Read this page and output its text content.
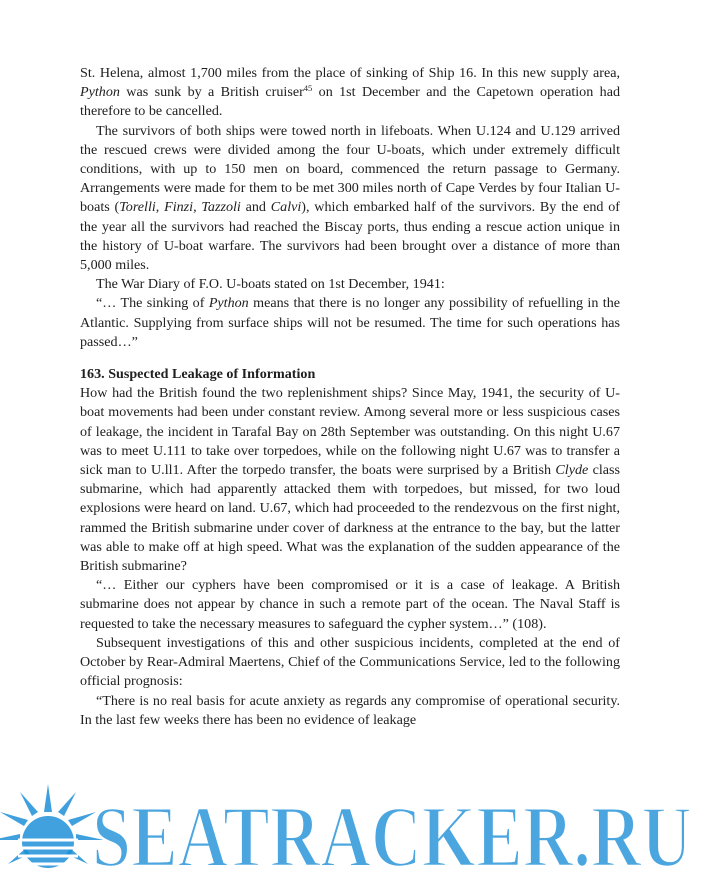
St. Helena, almost 1,700 miles from the place of sinking of Ship 16. In this new supply area, Python was sunk by a British cruiser$^{45}$ on 1st December and the Capetown operation had therefore to be cancelled.

The survivors of both ships were towed north in lifeboats. When U.124 and U.129 arrived the rescued crews were divided among the four U-boats, which under extremely difficult conditions, with up to 150 men on board, commenced the return passage to Germany. Arrangements were made for them to be met 300 miles north of Cape Verdes by four Italian U-boats (Torelli, Finzi, Tazzoli and Calvi), which embarked half of the survivors. By the end of the year all the survivors had reached the Biscay ports, thus ending a rescue action unique in the history of U-boat warfare. The survivors had been brought over a distance of more than 5,000 miles.

The War Diary of F.O. U-boats stated on 1st December, 1941:

“… The sinking of Python means that there is no longer any possibility of refuelling in the Atlantic. Supplying from surface ships will not be resumed. The time for such operations has passed…”

163. Suspected Leakage of Information

How had the British found the two replenishment ships? Since May, 1941, the security of U-boat movements had been under constant review. Among several more or less suspicious cases of leakage, the incident in Tarafal Bay on 28th September was outstanding. On this night U.67 was to meet U.111 to take over torpedoes, while on the following night U.67 was to transfer a sick man to U.ll1. After the torpedo transfer, the boats were surprised by a British Clyde class submarine, which had apparently attacked them with torpedoes, but missed, for two loud explosions were heard on land. U.67, which had proceeded to the rendezvous on the first night, rammed the British submarine under cover of darkness at the entrance to the bay, but the latter was able to make off at high speed. What was the explanation of the sudden appearance of the British submarine?

“… Either our cyphers have been compromised or it is a case of leakage. A British submarine does not appear by chance in such a remote part of the ocean. The Naval Staff is requested to take the necessary measures to safeguard the cypher system…” (108).

Subsequent investigations of this and other suspicious incidents, completed at the end of October by Rear-Admiral Maertens, Chief of the Communications Service, led to the following official prognosis:

“There is no real basis for acute anxiety as regards any compromise of operational security. In the last few weeks there has been no evidence of leakage

SEATRACKER.RU
